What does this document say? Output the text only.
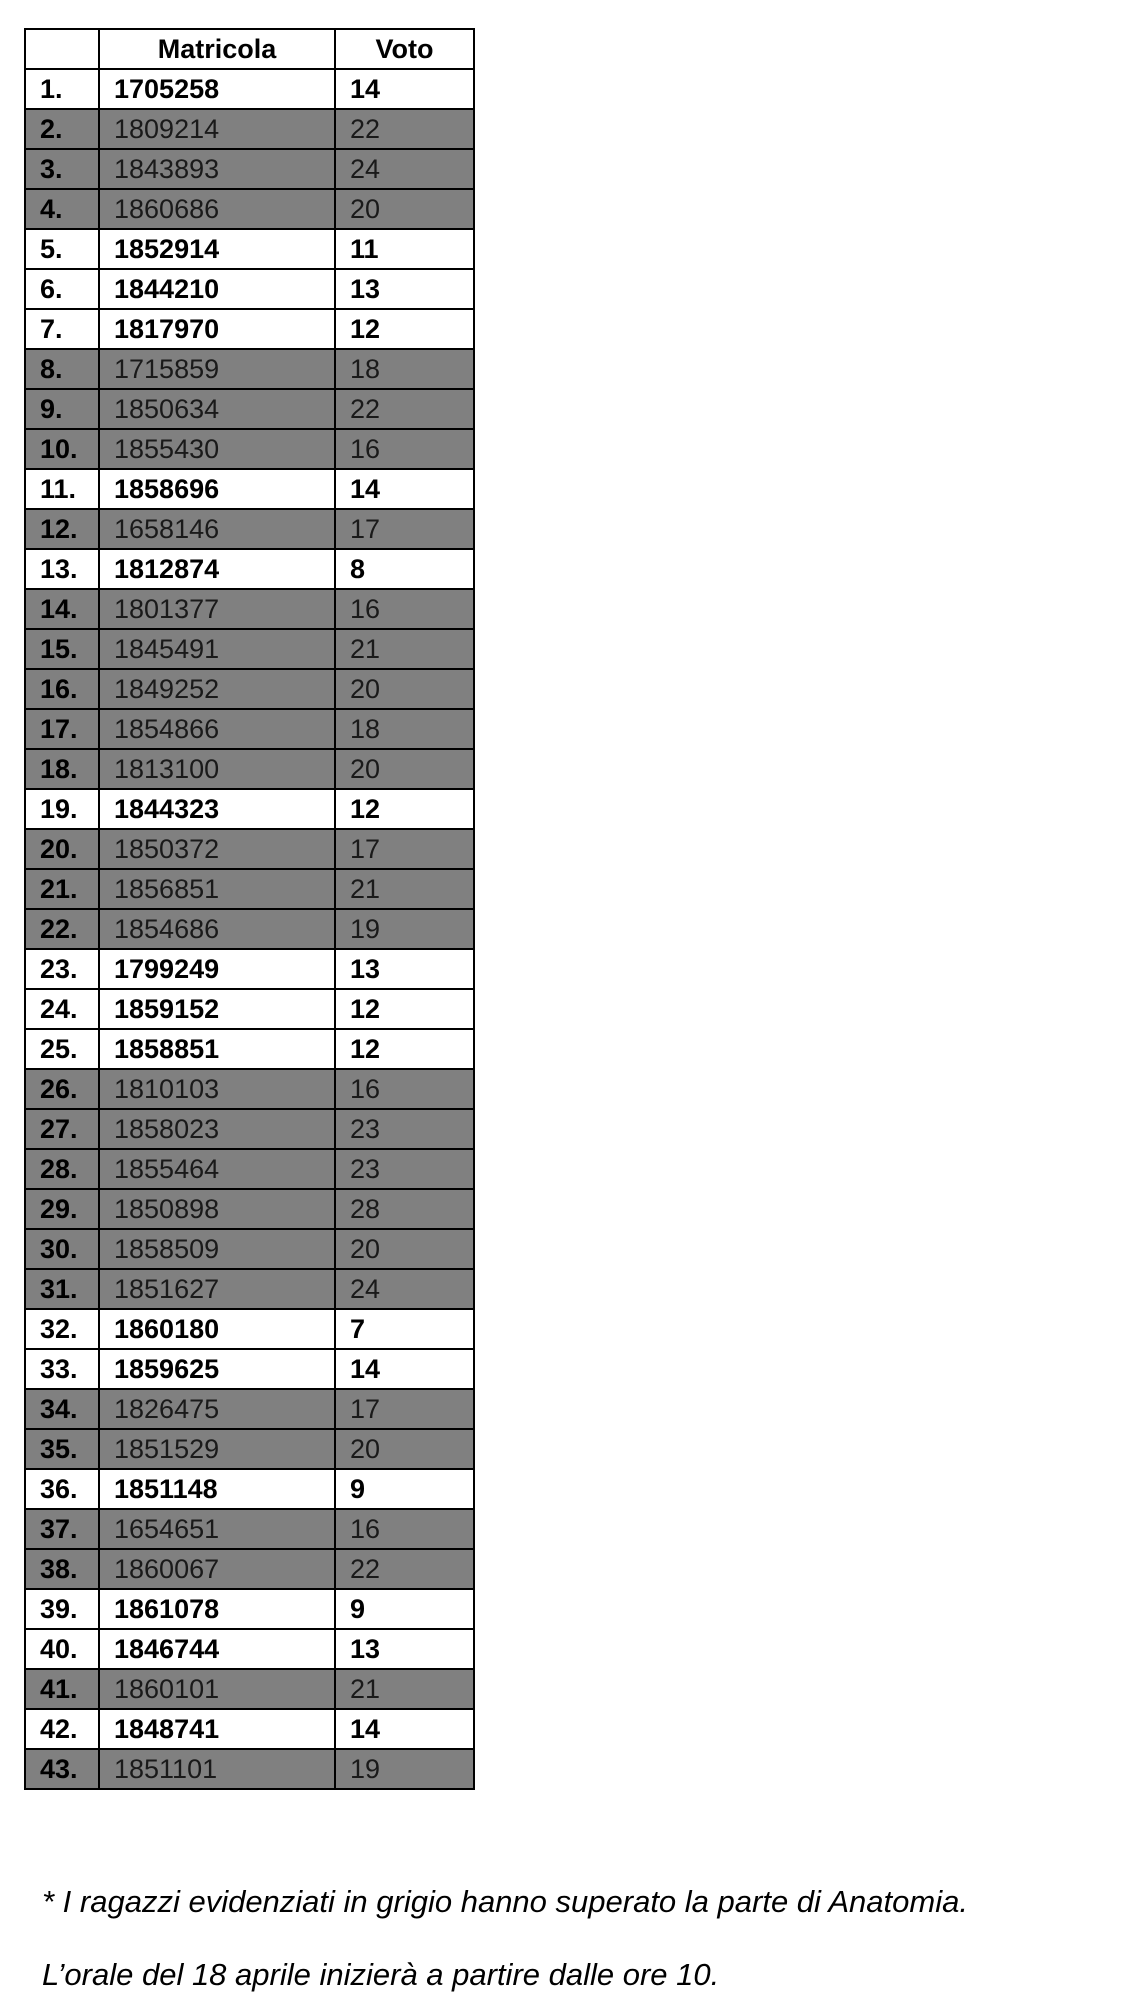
	Matricola	Voto
1.	1705258	14
2.	1809214	22
3.	1843893	24
4.	1860686	20
5.	1852914	11
6.	1844210	13
7.	1817970	12
8.	1715859	18
9.	1850634	22
10.	1855430	16
11.	1858696	14
12.	1658146	17
13.	1812874	8
14.	1801377	16
15.	1845491	21
16.	1849252	20
17.	1854866	18
18.	1813100	20
19.	1844323	12
20.	1850372	17
21.	1856851	21
22.	1854686	19
23.	1799249	13
24.	1859152	12
25.	1858851	12
26.	1810103	16
27.	1858023	23
28.	1855464	23
29.	1850898	28
30.	1858509	20
31.	1851627	24
32.	1860180	7
33.	1859625	14
34.	1826475	17
35.	1851529	20
36.	1851148	9
37.	1654651	16
38.	1860067	22
39.	1861078	9
40.	1846744	13
41.	1860101	21
42.	1848741	14
43.	1851101	19
* I ragazzi evidenziati in grigio hanno superato la parte di Anatomia.
L’orale del 18 aprile inizierà a partire dalle ore 10.
